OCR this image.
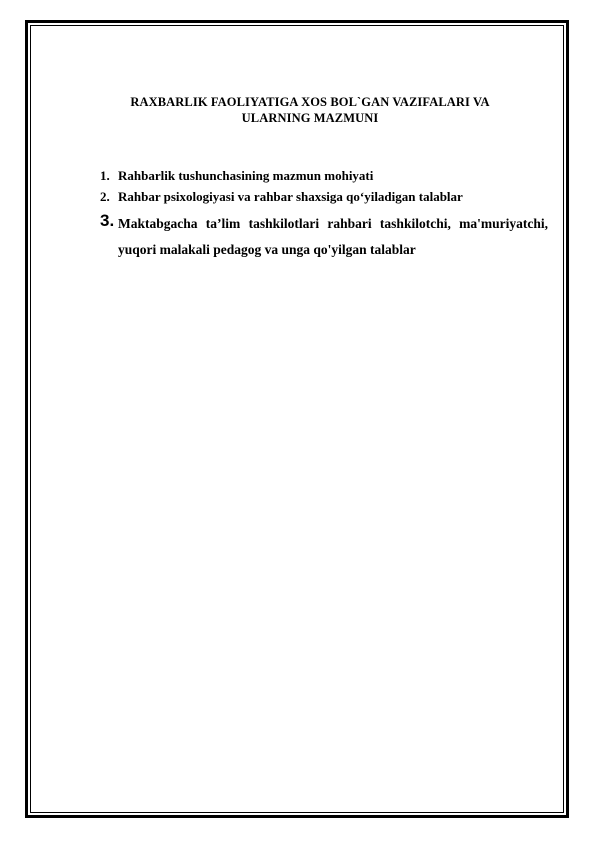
RAXBARLIK FAOLIYATIGA XOS BOL`GAN VAZIFALARI VA ULARNING MAZMUNI
1. Rahbarlik tushunchasining mazmun mohiyati
2. Rahbar psixologiyasi va rahbar shaxsiga qo‘yiladigan talablar
3. Maktabgacha ta’lim tashkilotlari rahbari tashkilotchi, ma'muriyatchi, yuqori malakali pedagog va unga qo'yilgan talablar
